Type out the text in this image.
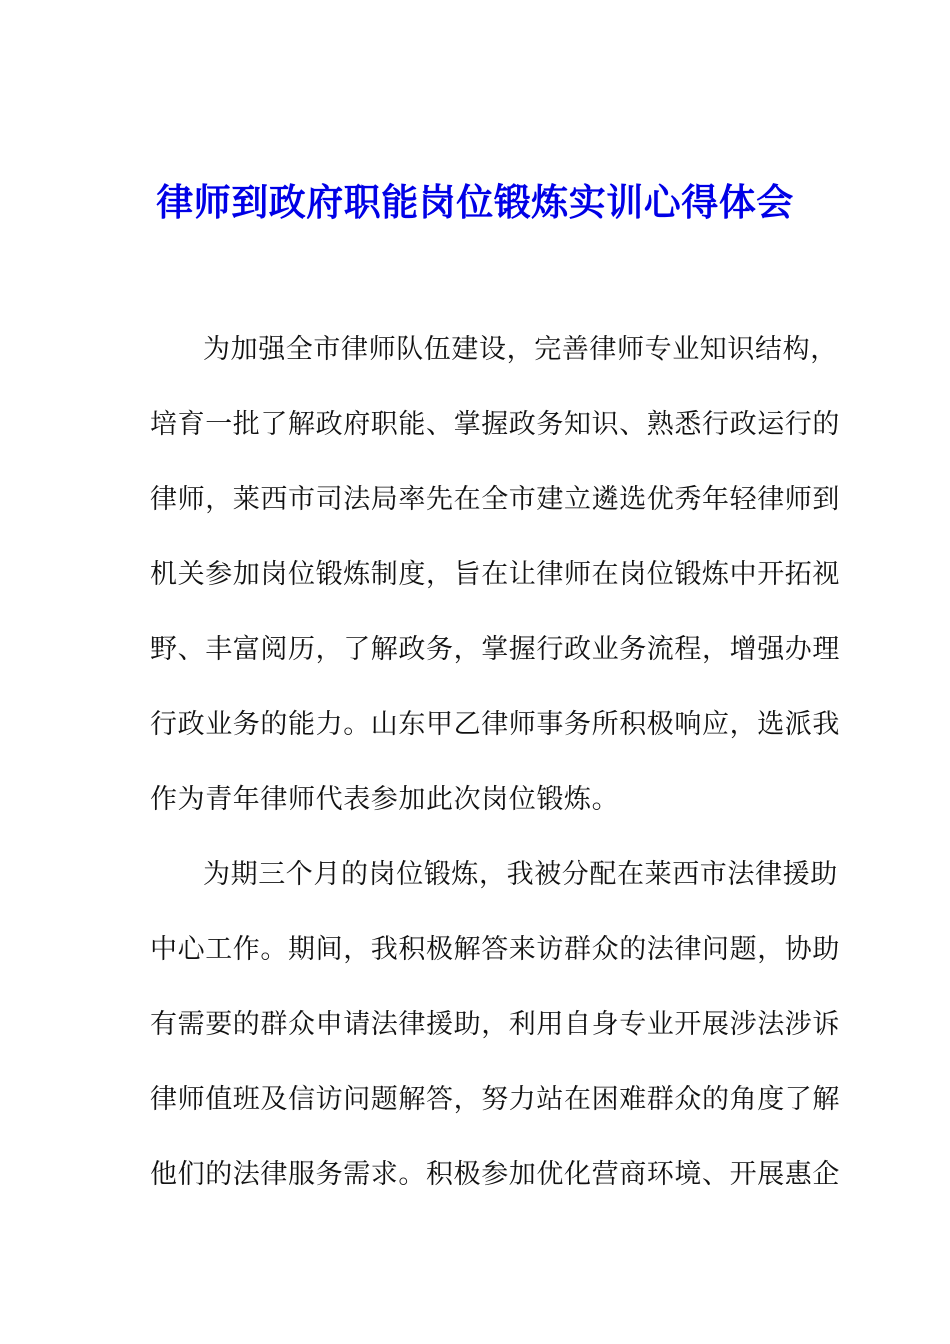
律师到政府职能岗位锻炼实训心得体会
为加强全市律师队伍建设，完善律师专业知识结构，
培育一批了解政府职能、掌握政务知识、熟悉行政运行的
律师，莱西市司法局率先在全市建立遴选优秀年轻律师到
机关参加岗位锻炼制度，旨在让律师在岗位锻炼中开拓视
野、丰富阅历，了解政务，掌握行政业务流程，增强办理
行政业务的能力。山东甲乙律师事务所积极响应，选派我
作为青年律师代表参加此次岗位锻炼。
为期三个月的岗位锻炼，我被分配在莱西市法律援助
中心工作。期间，我积极解答来访群众的法律问题，协助
有需要的群众申请法律援助，利用自身专业开展涉法涉诉
律师值班及信访问题解答，努力站在困难群众的角度了解
他们的法律服务需求。积极参加优化营商环境、开展惠企
